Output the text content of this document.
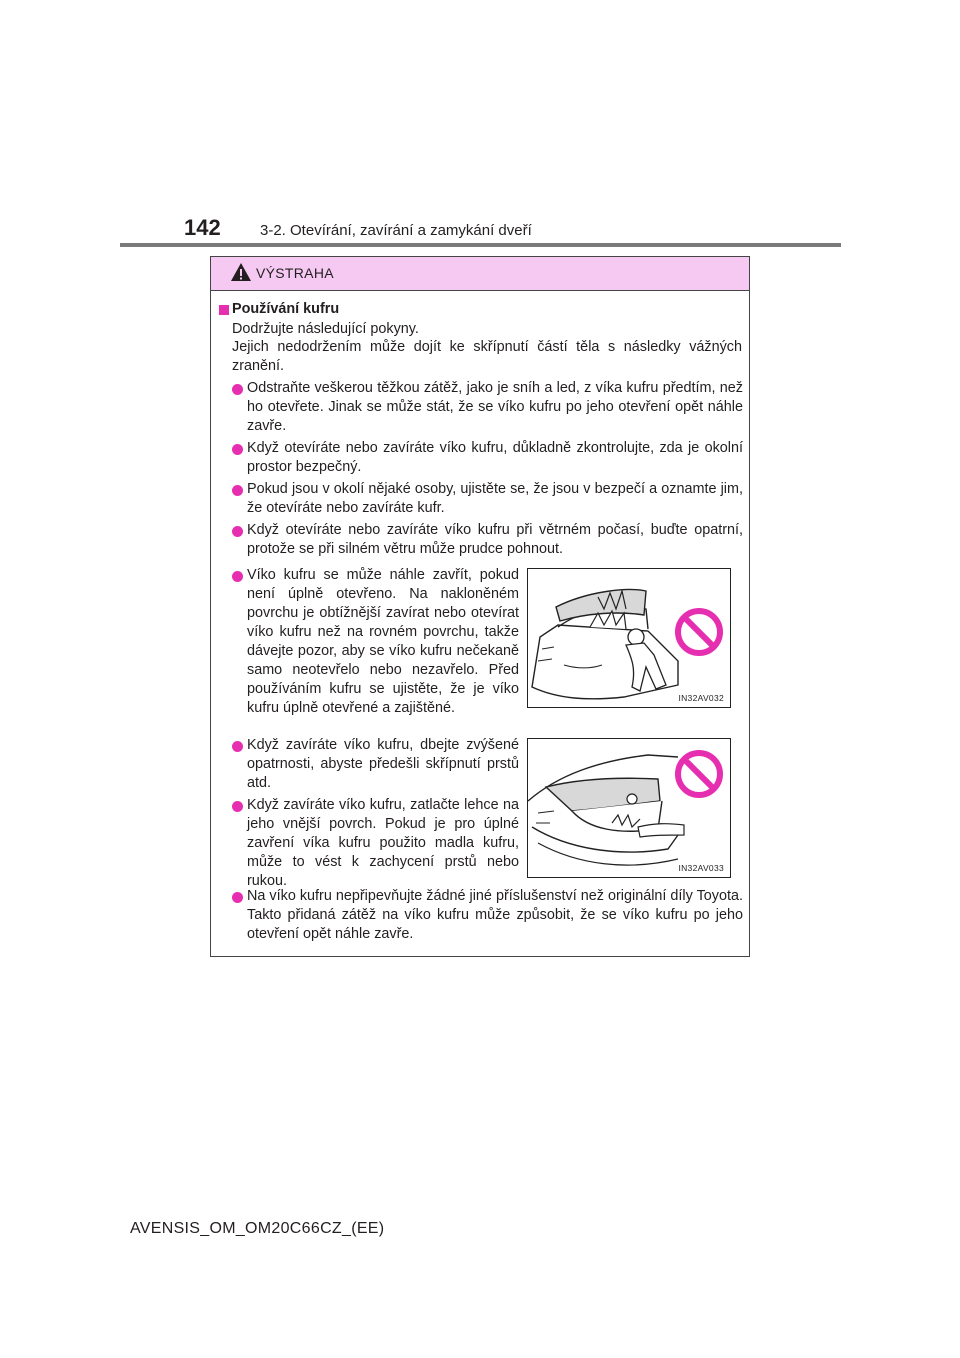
142	3-2. Otevírání, zavírání a zamykání dveří
VÝSTRAHA

Používání kufru

Dodržujte následující pokyny.

Jejich nedodržením může dojít ke skřípnutí částí těla s následky vážných zranění.

Odstraňte veškerou těžkou zátěž, jako je sníh a led, z víka kufru předtím, než ho otevřete. Jinak se může stát, že se víko kufru po jeho otevření opět náhle zavře.

Když otevíráte nebo zavíráte víko kufru, důkladně zkontrolujte, zda je okolní prostor bezpečný.

Pokud jsou v okolí nějaké osoby, ujistěte se, že jsou v bezpečí a oznamte jim, že otevíráte nebo zavíráte kufr.

Když otevíráte nebo zavíráte víko kufru při větrném počasí, buďte opatrní, protože se při silném větru může prudce pohnout.

Víko kufru se může náhle zavřít, pokud není úplně otevřeno. Na nakloněném povrchu je obtížnější zavírat nebo otevírat víko kufru než na rovném povrchu, takže dávejte pozor, aby se víko kufru nečekaně samo neotevřelo nebo nezavřelo. Před používáním kufru se ujistěte, že je víko kufru úplně otevřené a zajištěné.

Když zavíráte víko kufru, dbejte zvýšené opatrnosti, abyste předešli skřípnutí prstů atd.

Když zavíráte víko kufru, zatlačte lehce na jeho vnější povrch. Pokud je pro úplné zavření víka kufru použito madla kufru, může to vést k zachycení prstů nebo rukou.

Na víko kufru nepřipevňujte žádné jiné příslušenství než originální díly Toyota. Takto přidaná zátěž na víko kufru může způsobit, že se víko kufru po jeho otevření opět náhle zavře.

IN32AV032
IN32AV033
AVENSIS_OM_OM20C66CZ_(EE)
